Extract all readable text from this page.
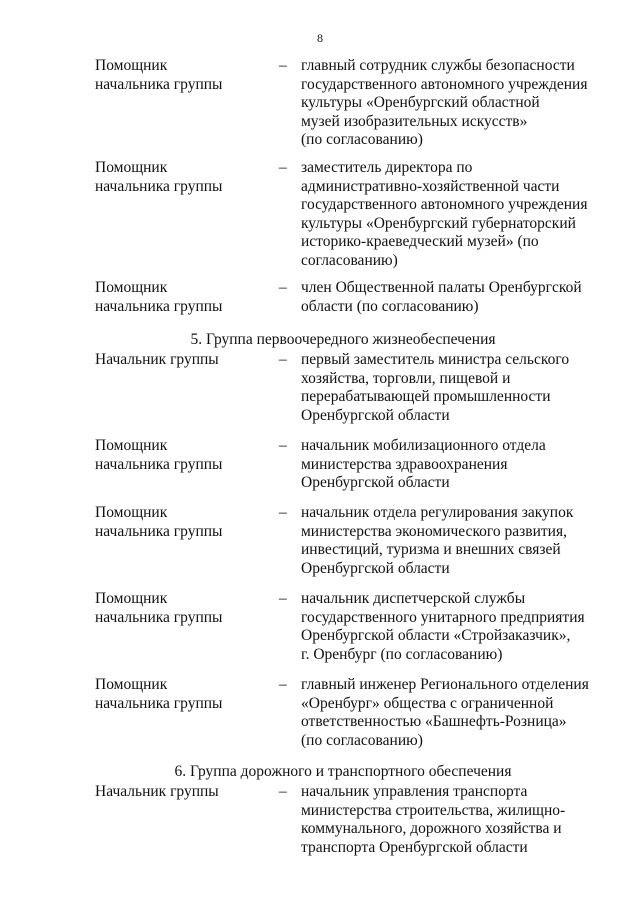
8
Помощник
начальника группы
– главный сотрудник службы безопасности
государственного автономного учреждения
культуры «Оренбургский областной
музей изобразительных искусств»
(по согласованию)
Помощник
начальника группы
– заместитель директора по
административно-хозяйственной части
государственного автономного учреждения
культуры «Оренбургский губернаторский
историко-краеведческий музей» (по
согласованию)
Помощник
начальника группы
– член Общественной палаты Оренбургской
области (по согласованию)
5. Группа первоочередного жизнеобеспечения
Начальник группы	– первый заместитель министра сельского
хозяйства, торговли, пищевой и
перерабатывающей промышленности
Оренбургской области
Помощник
начальника группы
– начальник мобилизационного отдела
министерства здравоохранения
Оренбургской области
Помощник
начальника группы
– начальник отдела регулирования закупок
министерства экономического развития,
инвестиций, туризма и внешних связей
Оренбургской области
Помощник
начальника группы
– начальник диспетчерской службы
государственного унитарного предприятия
Оренбургской области «Стройзаказчик»,
г. Оренбург (по согласованию)
Помощник
начальника группы
– главный инженер Регионального отделения
«Оренбург» общества с ограниченной
ответственностью «Башнефть-Розница»
(по согласованию)
6. Группа дорожного и транспортного обеспечения
Начальник группы	– начальник управления транспорта
министерства строительства, жилищно-
коммунального, дорожного хозяйства и
транспорта Оренбургской области
